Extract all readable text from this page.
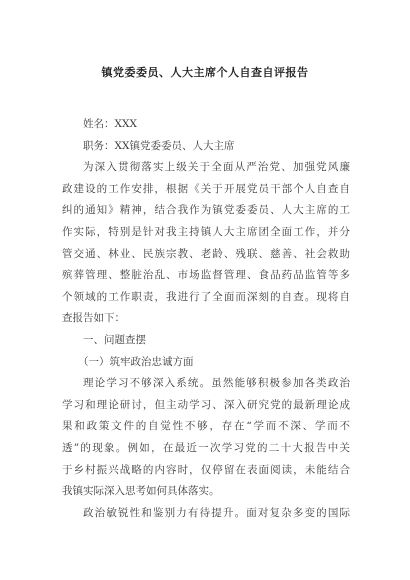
镇党委委员、人大主席个人自查自评报告
姓名：XXX
职务：XX镇党委委员、人大主席
为深入贯彻落实上级关于全面从严治党、加强党风廉
政建设的工作安排，根据《关于开展党员干部个人自查自
纠的通知》精神，结合我作为镇党委委员、人大主席的工
作实际，特别是针对我主持镇人大主席团全面工作，并分
管交通、林业、民族宗教、老龄、残联、慈善、社会救助
殡葬管理、整脏治乱、市场监督管理、食品药品监管等多
个领域的工作职责，我进行了全面而深刻的自查。现将自
查报告如下：
一、问题查摆
（一）筑牢政治忠诚方面
理论学习不够深入系统。虽然能够积极参加各类政治
学习和理论研讨，但主动学习、深入研究党的最新理论成
果和政策文件的自觉性不够，存在“学而不深、学而不
透”的现象。例如，在最近一次学习党的二十大报告中关
于乡村振兴战略的内容时，仅停留在表面阅读，未能结合
我镇实际深入思考如何具体落实。
政治敏锐性和鉴别力有待提升。面对复杂多变的国际
